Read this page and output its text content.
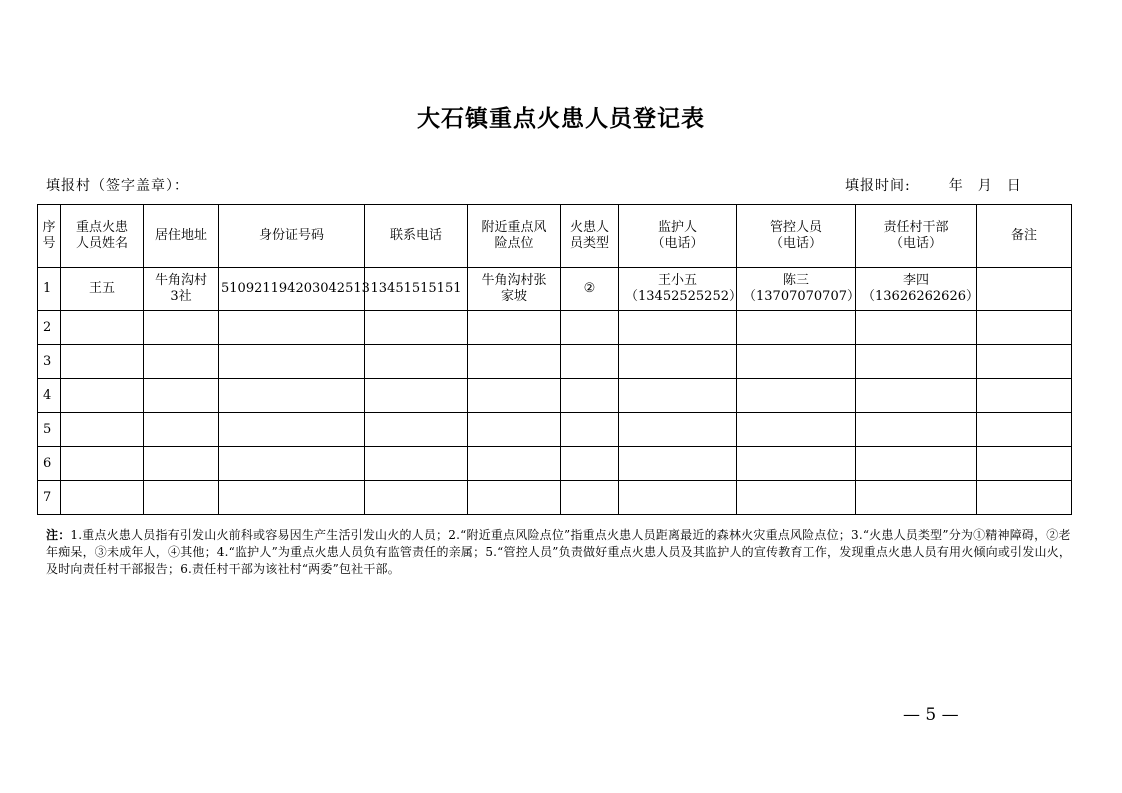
大石镇重点火患人员登记表
填报村（签字盖章）：	填报时间:	年 月 日
序号	重点火患人员姓名	居住地址	身份证号码	联系电话	附近重点风险点位	火患人员类型	监护人（电话）	管控人员（电话）	责任村干部（电话）	备注
1	王五	牛角沟村3社	510921194203042513	13451515151	牛角沟村张家坡	②	王小五（13452525252）	陈三（13707070707）	李四（13626262626）	
2										
3										
4										
5										
6										
7										
注：1.重点火患人员指有引发山火前科或容易因生产生活引发山火的人员；2.“附近重点风险点位”指重点火患人员距离最近的森林火灾重点风险点位；3.“火患人员类型”分为①精神障碍，②老年痴呆，③未成年人，④其他；4.“监护人”为重点火患人员负有监管责任的亲属；5.“管控人员”负责做好重点火患人员及其监护人的宣传教育工作，发现重点火患人员有用火倾向或引发山火，及时向责任村干部报告；6.责任村干部为该社村“两委”包社干部。
— 5 —
